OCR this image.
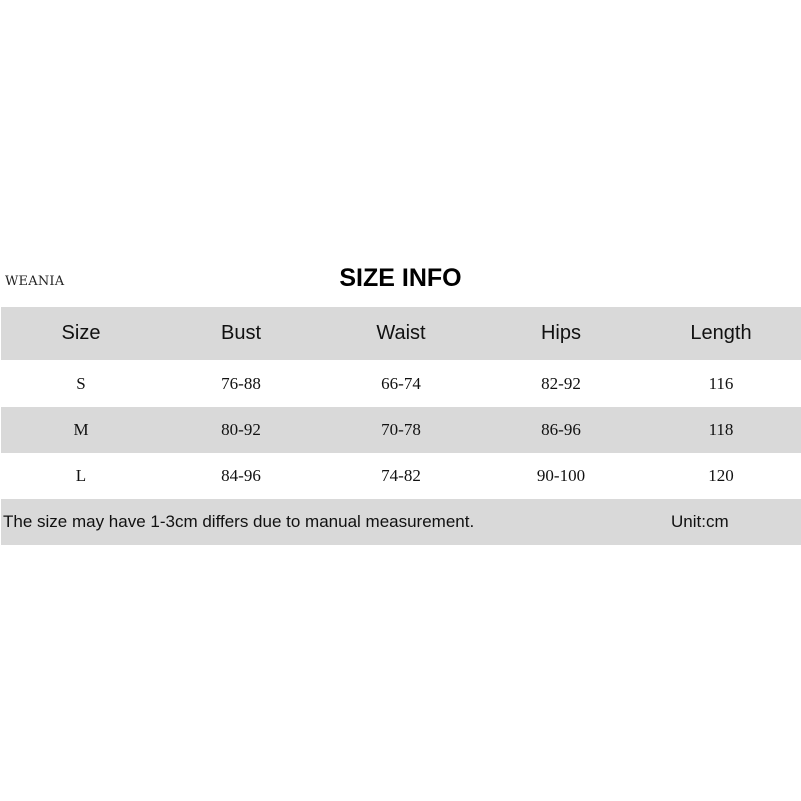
WEANIA	SIZE INFO
Size	Bust	Waist	Hips	Length
S	76-88	66-74	82-92	116
M	80-92	70-78	86-96	118
L	84-96	74-82	90-100	120
The size may have 1-3cm differs due to manual measurement.	Unit:cm
